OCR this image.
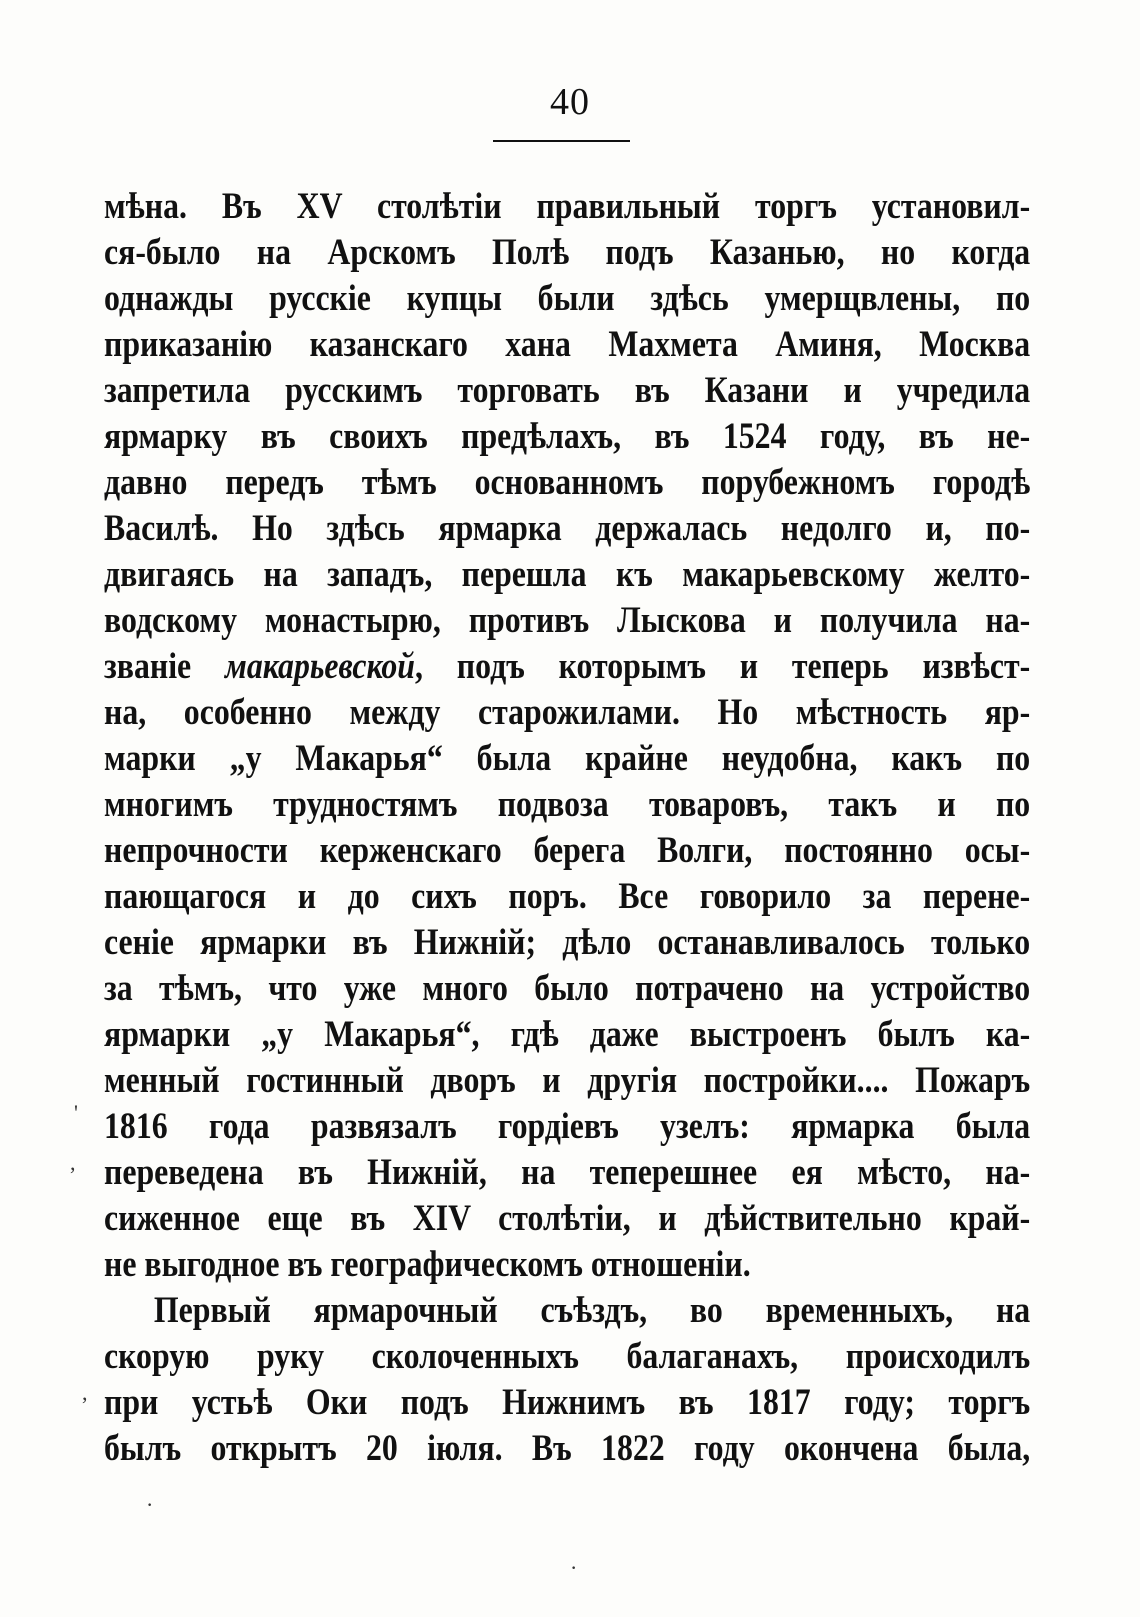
40
мѣна. Въ XV столѣтіи правильный торгъ установил-
ся-было на Арскомъ Полѣ подъ Казанью, но когда
однажды русскіе купцы были здѣсь умерщвлены, по
приказанію казанскаго хана Махмета Аминя, Москва
запретила русскимъ торговать въ Казани и учредила
ярмарку въ своихъ предѣлахъ, въ 1524 году, въ не-
давно передъ тѣмъ основанномъ порубежномъ городѣ
Василѣ. Но здѣсь ярмарка держалась недолго и, по-
двигаясь на западъ, перешла къ макарьевскому желто-
водскому монастырю, противъ Лыскова и получила на-
званіе макарьевской, подъ которымъ и теперь извѣст-
на, особенно между старожилами. Но мѣстность яр-
марки „у Макарья“ была крайне неудобна, какъ по
многимъ трудностямъ подвоза товаровъ, такъ и по
непрочности керженскаго берега Волги, постоянно осы-
пающагося и до сихъ поръ. Все говорило за перене-
сеніе ярмарки въ Нижній; дѣло останавливалось только
за тѣмъ, что уже много было потрачено на устройство
ярмарки „у Макарья“, гдѣ даже выстроенъ былъ ка-
менный гостинный дворъ и другія постройки.... Пожаръ
1816 года развязалъ гордіевъ узелъ: ярмарка была
переведена въ Нижній, на теперешнее ея мѣсто, на-
сиженное еще въ XIV столѣтіи, и дѣйствительно край-
не выгодное въ географическомъ отношеніи.
Первый ярмарочный съѣздъ, во временныхъ, на
скорую руку сколоченныхъ балаганахъ, происходилъ
при устьѣ Оки подъ Нижнимъ въ 1817 году; торгъ
былъ открытъ 20 іюля. Въ 1822 году окончена была,
'
,
,
·
·
